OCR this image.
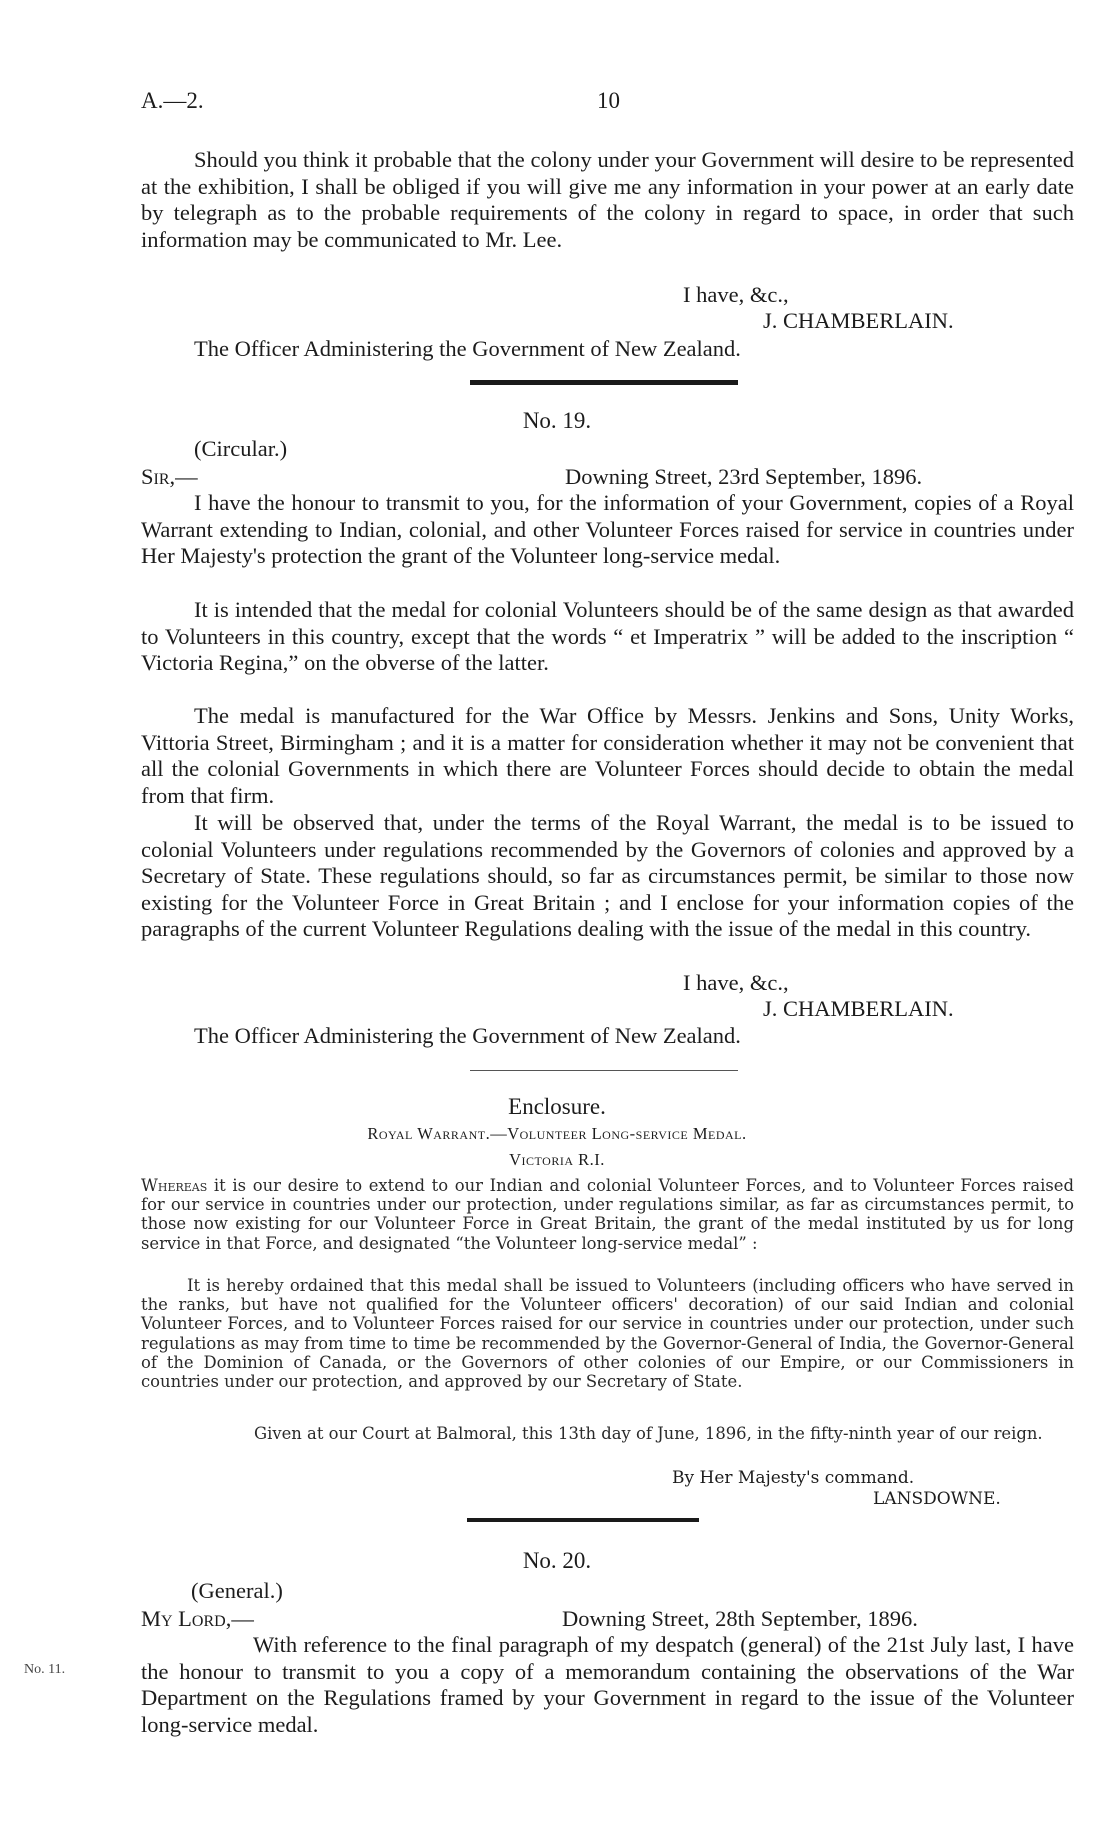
A.—2.	10

Should you think it probable that the colony under your Government will desire to be represented at the exhibition, I shall be obliged if you will give me any information in your power at an early date by telegraph as to the probable requirements of the colony in regard to space, in order that such information may be communicated to Mr. Lee.

I have, &c.,
J. CHAMBERLAIN.
The Officer Administering the Government of New Zealand.
No. 19.
(Circular.)
Sir,—	Downing Street, 23rd September, 1896.

I have the honour to transmit to you, for the information of your Government, copies of a Royal Warrant extending to Indian, colonial, and other Volunteer Forces raised for service in countries under Her Majesty's protection the grant of the Volunteer long-service medal.

It is intended that the medal for colonial Volunteers should be of the same design as that awarded to Volunteers in this country, except that the words “ et Imperatrix ” will be added to the inscription “ Victoria Regina,” on the obverse of the latter.

The medal is manufactured for the War Office by Messrs. Jenkins and Sons, Unity Works, Vittoria Street, Birmingham ; and it is a matter for consideration whether it may not be convenient that all the colonial Governments in which there are Volunteer Forces should decide to obtain the medal from that firm.

It will be observed that, under the terms of the Royal Warrant, the medal is to be issued to colonial Volunteers under regulations recommended by the Governors of colonies and approved by a Secretary of State. These regulations should, so far as circumstances permit, be similar to those now existing for the Volunteer Force in Great Britain ; and I enclose for your information copies of the paragraphs of the current Volunteer Regulations dealing with the issue of the medal in this country.

I have, &c.,
J. CHAMBERLAIN.
The Officer Administering the Government of New Zealand.
Enclosure.
Royal Warrant.—Volunteer Long-service Medal.
Victoria R.I.

Whereas it is our desire to extend to our Indian and colonial Volunteer Forces, and to Volunteer Forces raised for our service in countries under our protection, under regulations similar, as far as circumstances permit, to those now existing for our Volunteer Force in Great Britain, the grant of the medal instituted by us for long service in that Force, and designated “the Volunteer long-service medal” :

It is hereby ordained that this medal shall be issued to Volunteers (including officers who have served in the ranks, but have not qualified for the Volunteer officers' decoration) of our said Indian and colonial Volunteer Forces, and to Volunteer Forces raised for our service in countries under our protection, under such regulations as may from time to time be recommended by the Governor-General of India, the Governor-General of the Dominion of Canada, or the Governors of other colonies of our Empire, or our Commissioners in countries under our protection, and approved by our Secretary of State.

Given at our Court at Balmoral, this 13th day of June, 1896, in the fifty-ninth year of our reign.

By Her Majesty's command.
LANSDOWNE.
No. 20.
(General.)
My Lord,—	Downing Street, 28th September, 1896.
No. 11.

With reference to the final paragraph of my despatch (general) of the 21st July last, I have the honour to transmit to you a copy of a memorandum containing the observations of the War Department on the Regulations framed by your Government in regard to the issue of the Volunteer long-service medal.
